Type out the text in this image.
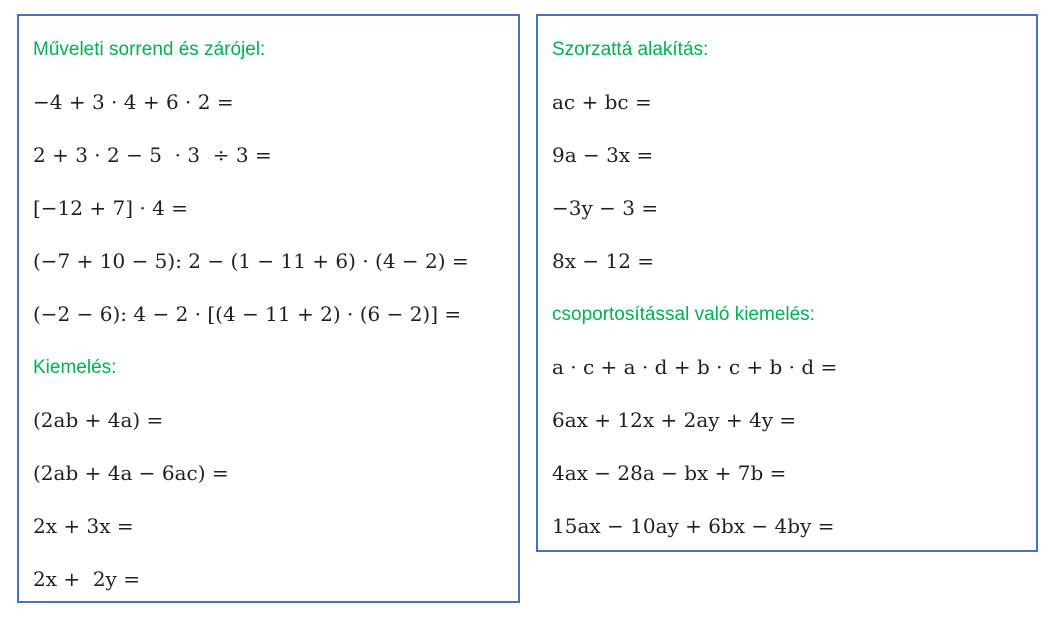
Műveleti sorrend és zárójel:
−4 + 3 · 4 + 6 · 2 =
2 + 3 · 2 − 5  · 3  ÷ 3 =
[−12 + 7] · 4 =
(−7 + 10 − 5): 2 − (1 − 11 + 6) · (4 − 2) =
(−2 − 6): 4 − 2 · [(4 − 11 + 2) · (6 − 2)] =
Kiemelés:
(2ab + 4a) =
(2ab + 4a − 6ac) =
2x + 3x =
2x +  2y =
Szorzattá alakítás:
ac + bc =
9a − 3x =
−3y − 3 =
8x − 12 =
csoportosítással való kiemelés:
a · c + a · d + b · c + b · d =
6ax + 12x + 2ay + 4y =
4ax − 28a − bx + 7b =
15ax − 10ay + 6bx − 4by =
